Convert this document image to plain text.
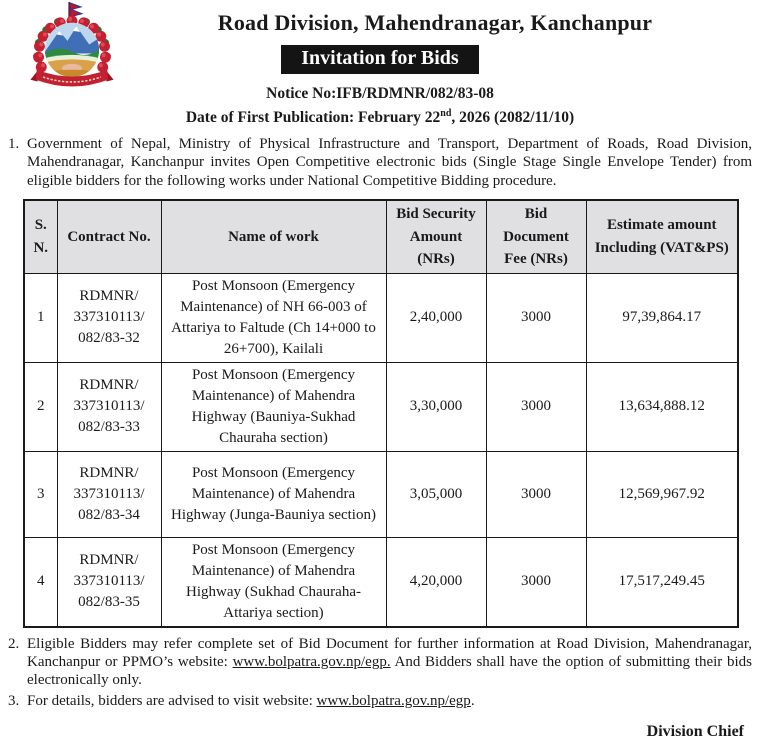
Road Division, Mahendranagar, Kanchanpur
Invitation for Bids
Notice No:IFB/RDMNR/082/83-08
Date of First Publication: February 22nd, 2026 (2082/11/10)
1. Government of Nepal, Ministry of Physical Infrastructure and Transport, Department of Roads, Road Division, Mahendranagar, Kanchanpur invites Open Competitive electronic bids (Single Stage Single Envelope Tender) from eligible bidders for the following works under National Competitive Bidding procedure.
S. N.	Contract No.	Name of work	Bid Security Amount (NRs)	Bid Document Fee (NRs)	Estimate amount Including (VAT&PS)
1	RDMNR/ 337310113/ 082/83-32	Post Monsoon (Emergency Maintenance) of NH 66-003 of Attariya to Faltude (Ch 14+000 to 26+700), Kailali	2,40,000	3000	97,39,864.17
2	RDMNR/ 337310113/ 082/83-33	Post Monsoon (Emergency Maintenance) of Mahendra Highway (Bauniya-Sukhad Chauraha section)	3,30,000	3000	13,634,888.12
3	RDMNR/ 337310113/ 082/83-34	Post Monsoon (Emergency Maintenance) of Mahendra Highway (Junga-Bauniya section)	3,05,000	3000	12,569,967.92
4	RDMNR/ 337310113/ 082/83-35	Post Monsoon (Emergency Maintenance) of Mahendra Highway (Sukhad Chauraha-Attariya section)	4,20,000	3000	17,517,249.45
2. Eligible Bidders may refer complete set of Bid Document for further information at Road Division, Mahendranagar, Kanchanpur or PPMO’s website: www.bolpatra.gov.np/egp. And Bidders shall have the option of submitting their bids electronically only.
3. For details, bidders are advised to visit website: www.bolpatra.gov.np/egp.
Division Chief
